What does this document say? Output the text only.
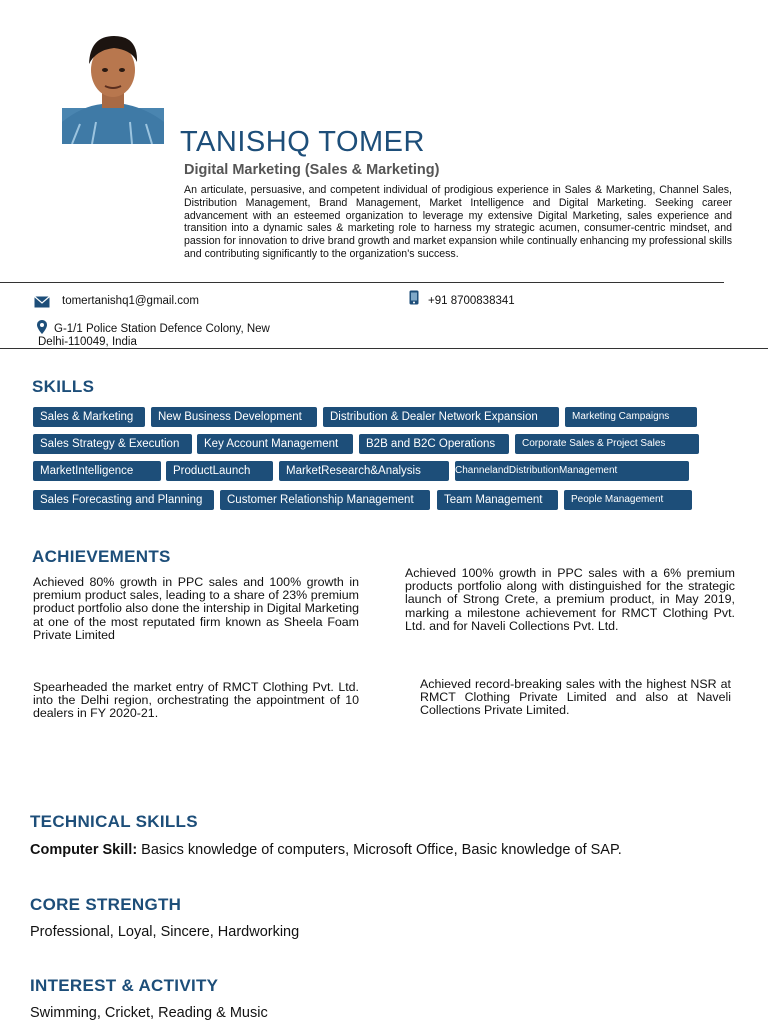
TANISHQ TOMER
Digital Marketing (Sales & Marketing)
An articulate, persuasive, and competent individual of prodigious experience in Sales & Marketing, Channel Sales, Distribution Management, Brand Management, Market Intelligence and Digital Marketing. Seeking career advancement with an esteemed organization to leverage my extensive Digital Marketing, sales experience and transition into a dynamic sales & marketing role to harness my strategic acumen, consumer-centric mindset, and passion for innovation to drive brand growth and market expansion while continually enhancing my professional skills and contributing significantly to the organization's success.
tomertanishq1@gmail.com	+91 8700838341
G-1/1 Police Station Defence Colony, New
Delhi-110049, India
SKILLS
Sales & Marketing	New Business Development	Distribution & Dealer Network Expansion	Marketing Campaigns
Sales Strategy & Execution	Key Account Management	B2B and B2C Operations	Corporate Sales & Project Sales
MarketIntelligence	ProductLaunch	MarketResearch&Analysis	ChannelandDistributionManagement
Sales Forecasting and Planning	Customer Relationship Management	Team Management	People Management
ACHIEVEMENTS
Achieved 80% growth in PPC sales and 100% growth in premium product sales, leading to a share of 23% premium product portfolio also done the intership in Digital Marketing at one of the most reputated firm known as Sheela Foam Private Limited
Achieved 100% growth in PPC sales with a 6% premium products portfolio along with distinguished for the strategic launch of Strong Crete, a premium product, in May 2019, marking a milestone achievement for RMCT Clothing Pvt. Ltd. and for Naveli Collections Pvt. Ltd.
Spearheaded the market entry of RMCT Clothing Pvt. Ltd. into the Delhi region, orchestrating the appointment of 10 dealers in FY 2020-21.
Achieved record-breaking sales with the highest NSR at RMCT Clothing Private Limited and also at Naveli Collections Private Limited.
TECHNICAL SKILLS
Computer Skill: Basics knowledge of computers, Microsoft Office, Basic knowledge of SAP.
CORE STRENGTH
Professional, Loyal, Sincere, Hardworking
INTEREST & ACTIVITY
Swimming, Cricket, Reading & Music
